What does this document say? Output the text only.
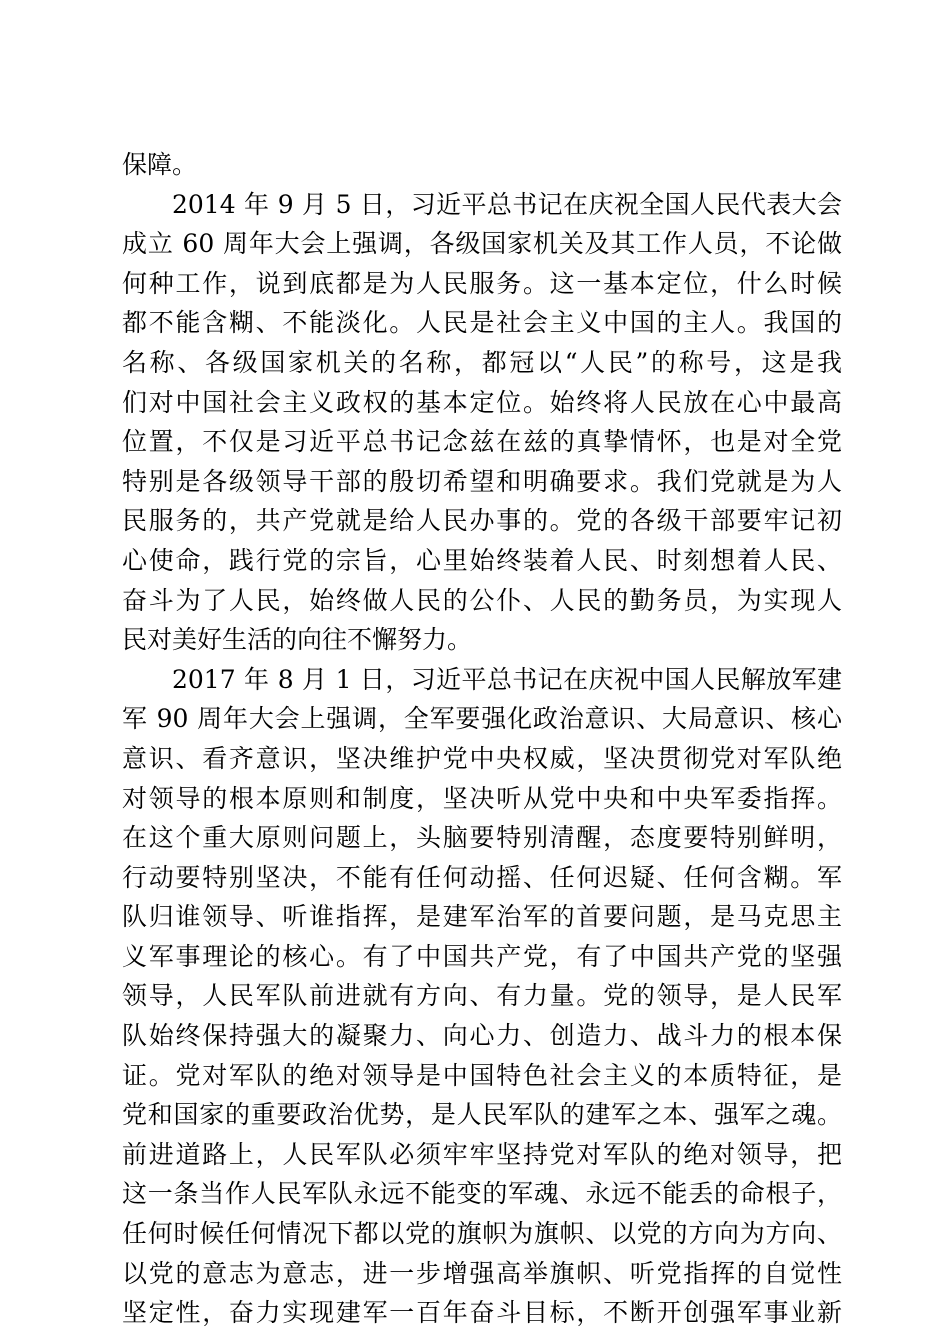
保障。
2014 年 9 月 5 日，习近平总书记在庆祝全国人民代表大会
成立 60 周年大会上强调，各级国家机关及其工作人员，不论做
何种工作，说到底都是为人民服务。这一基本定位，什么时候
都不能含糊、不能淡化。人民是社会主义中国的主人。我国的
名称、各级国家机关的名称，都冠以“人民”的称号，这是我
们对中国社会主义政权的基本定位。始终将人民放在心中最高
位置，不仅是习近平总书记念兹在兹的真挚情怀，也是对全党
特别是各级领导干部的殷切希望和明确要求。我们党就是为人
民服务的，共产党就是给人民办事的。党的各级干部要牢记初
心使命，践行党的宗旨，心里始终装着人民、时刻想着人民、
奋斗为了人民，始终做人民的公仆、人民的勤务员，为实现人
民对美好生活的向往不懈努力。
2017 年 8 月 1 日，习近平总书记在庆祝中国人民解放军建
军 90 周年大会上强调，全军要强化政治意识、大局意识、核心
意识、看齐意识，坚决维护党中央权威，坚决贯彻党对军队绝
对领导的根本原则和制度，坚决听从党中央和中央军委指挥。
在这个重大原则问题上，头脑要特别清醒，态度要特别鲜明，
行动要特别坚决，不能有任何动摇、任何迟疑、任何含糊。军
队归谁领导、听谁指挥，是建军治军的首要问题，是马克思主
义军事理论的核心。有了中国共产党，有了中国共产党的坚强
领导，人民军队前进就有方向、有力量。党的领导，是人民军
队始终保持强大的凝聚力、向心力、创造力、战斗力的根本保
证。党对军队的绝对领导是中国特色社会主义的本质特征，是
党和国家的重要政治优势，是人民军队的建军之本、强军之魂。
前进道路上，人民军队必须牢牢坚持党对军队的绝对领导，把
这一条当作人民军队永远不能变的军魂、永远不能丢的命根子，
任何时候任何情况下都以党的旗帜为旗帜、以党的方向为方向、
以党的意志为意志，进一步增强高举旗帜、听党指挥的自觉性
坚定性，奋力实现建军一百年奋斗目标，不断开创强军事业新
